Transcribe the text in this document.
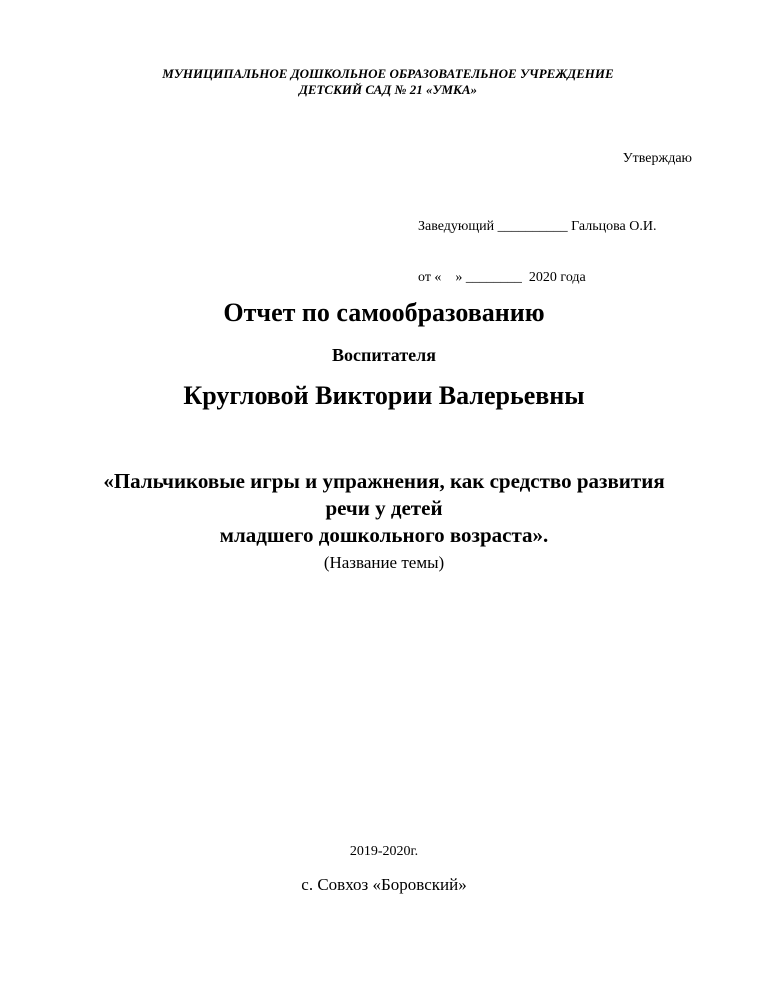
МУНИЦИПАЛЬНОЕ ДОШКОЛЬНОЕ ОБРАЗОВАТЕЛЬНОЕ УЧРЕЖДЕНИЕ
ДЕТСКИЙ САД № 21 «УМКА»
Утверждаю

Заведующий __________ Гальцова О.И.

от «    » ________  2020 года

Отчет по самообразованию
Воспитателя
Кругловой Виктории Валерьевны
«Пальчиковые игры и упражнения, как средство развития
речи у детей
младшего дошкольного возраста».
(Название темы)
2019-2020г.
с. Совхоз «Боровский»
